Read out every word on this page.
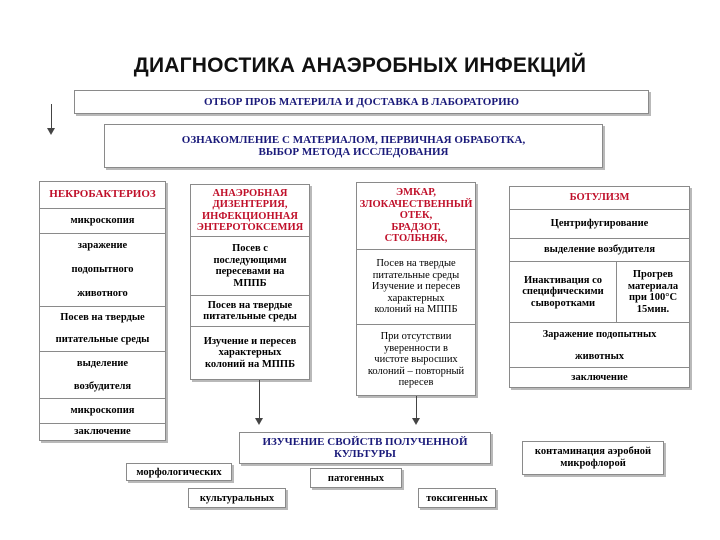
ДИАГНОСТИКА АНАЭРОБНЫХ ИНФЕКЦИЙ
ОТБОР ПРОБ МАТЕРИЛА И ДОСТАВКА В ЛАБОРАТОРИЮ
ОЗНАКОМЛЕНИЕ С МАТЕРИАЛОМ, ПЕРВИЧНАЯ ОБРАБОТКА,
ВЫБОР МЕТОДА ИССЛЕДОВАНИЯ
НЕКРОБАКТЕРИОЗ
микроскопия
заражение
подопытного
животного
Посев на твердые
питательные среды
выделение
возбудителя
микроскопия
заключение
АНАЭРОБНАЯ
ДИЗЕНТЕРИЯ,
ИНФЕКЦИОННАЯ
ЭНТЕРОТОКСЕМИЯ
Посев с
последующими
пересевами на
МППБ
Посев на твердые
питательные среды
Изучение и пересев
характерных
колоний на МППБ
ЭМКАР,
ЗЛОКАЧЕСТВЕННЫЙ
ОТЕК,
БРАДЗОТ,
СТОЛБНЯК,
Посев на твердые
питательные среды
Изучение и пересев
характерных
колоний на МППБ
При отсутствии
уверенности в
чистоте выросших
колоний – повторный
пересев
БОТУЛИЗМ
Центрифугирование
выделение возбудителя
Инактивация со
специфическими
сыворотками
Прогрев
материала
при 100°С
15мин.
Заражение подопытных
животных
заключение
ИЗУЧЕНИЕ СВОЙСТВ ПОЛУЧЕННОЙ
КУЛЬТУРЫ
морфологических
патогенных
культуральных	токсигенных
контаминация аэробной
микрофлорой
